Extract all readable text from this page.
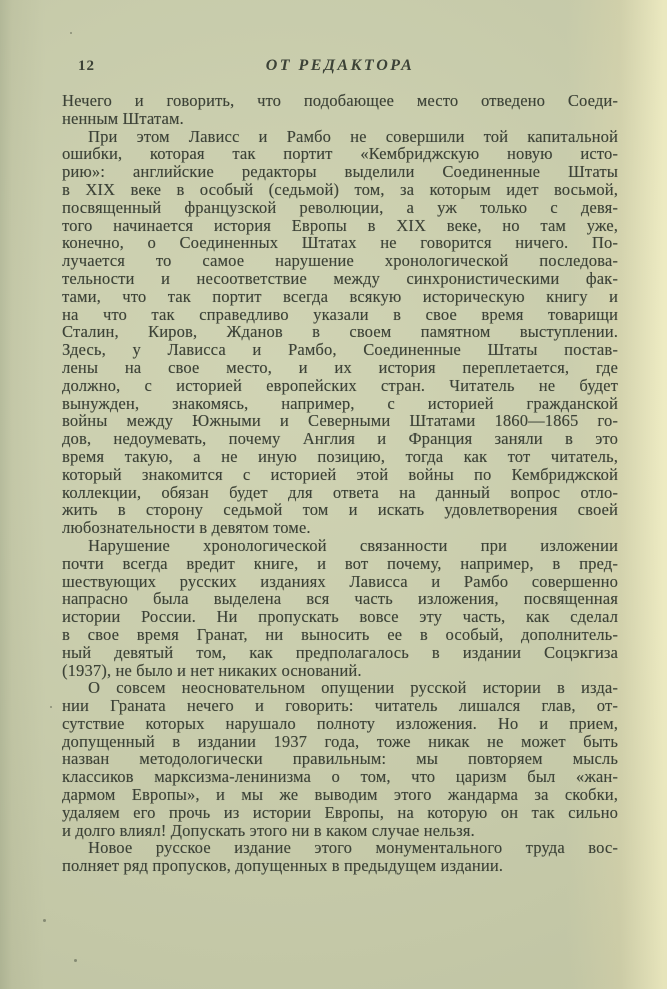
12	ОТ РЕДАКТОРА
Нечего и говорить, что подобающее место отведено Соеди-
ненным Штатам.
При этом Лависс и Рамбо не совершили той капитальной
ошибки, которая так портит «Кембриджскую новую исто-
рию»: английские редакторы выделили Соединенные Штаты
в XIX веке в особый (седьмой) том, за которым идет восьмой,
посвященный французской революции, а уж только с девя-
того начинается история Европы в XIX веке, но там уже,
конечно, о Соединенных Штатах не говорится ничего. По-
лучается то самое нарушение хронологической последова-
тельности и несоответствие между синхронистическими фак-
тами, что так портит всегда всякую историческую книгу и
на что так справедливо указали в свое время товарищи
Сталин, Киров, Жданов в своем памятном выступлении.
Здесь, у Лависса и Рамбо, Соединенные Штаты постав-
лены на свое место, и их история переплетается, где
должно, с историей европейских стран. Читатель не будет
вынужден, знакомясь, например, с историей гражданской
войны между Южными и Северными Штатами 1860—1865 го-
дов, недоумевать, почему Англия и Франция заняли в это
время такую, а не иную позицию, тогда как тот читатель,
который знакомится с историей этой войны по Кембриджской
коллекции, обязан будет для ответа на данный вопрос отло-
жить в сторону седьмой том и искать удовлетворения своей
любознательности в девятом томе.
Нарушение хронологической связанности при изложении
почти всегда вредит книге, и вот почему, например, в пред-
шествующих русских изданиях Лависса и Рамбо совершенно
напрасно была выделена вся часть изложения, посвященная
истории России. Ни пропускать вовсе эту часть, как сделал
в свое время Гранат, ни выносить ее в особый, дополнитель-
ный девятый том, как предполагалось в издании Соцэкгиза
(1937), не было и нет никаких оснований.
О совсем неосновательном опущении русской истории в изда-
нии Граната нечего и говорить: читатель лишался глав, от-
сутствие которых нарушало полноту изложения. Но и прием,
допущенный в издании 1937 года, тоже никак не может быть
назван методологически правильным: мы повторяем мысль
классиков марксизма-ленинизма о том, что царизм был «жан-
дармом Европы», и мы же выводим этого жандарма за скобки,
удаляем его прочь из истории Европы, на которую он так сильно
и долго влиял! Допускать этого ни в каком случае нельзя.
Новое русское издание этого монументального труда вос-
полняет ряд пропусков, допущенных в предыдущем издании.
